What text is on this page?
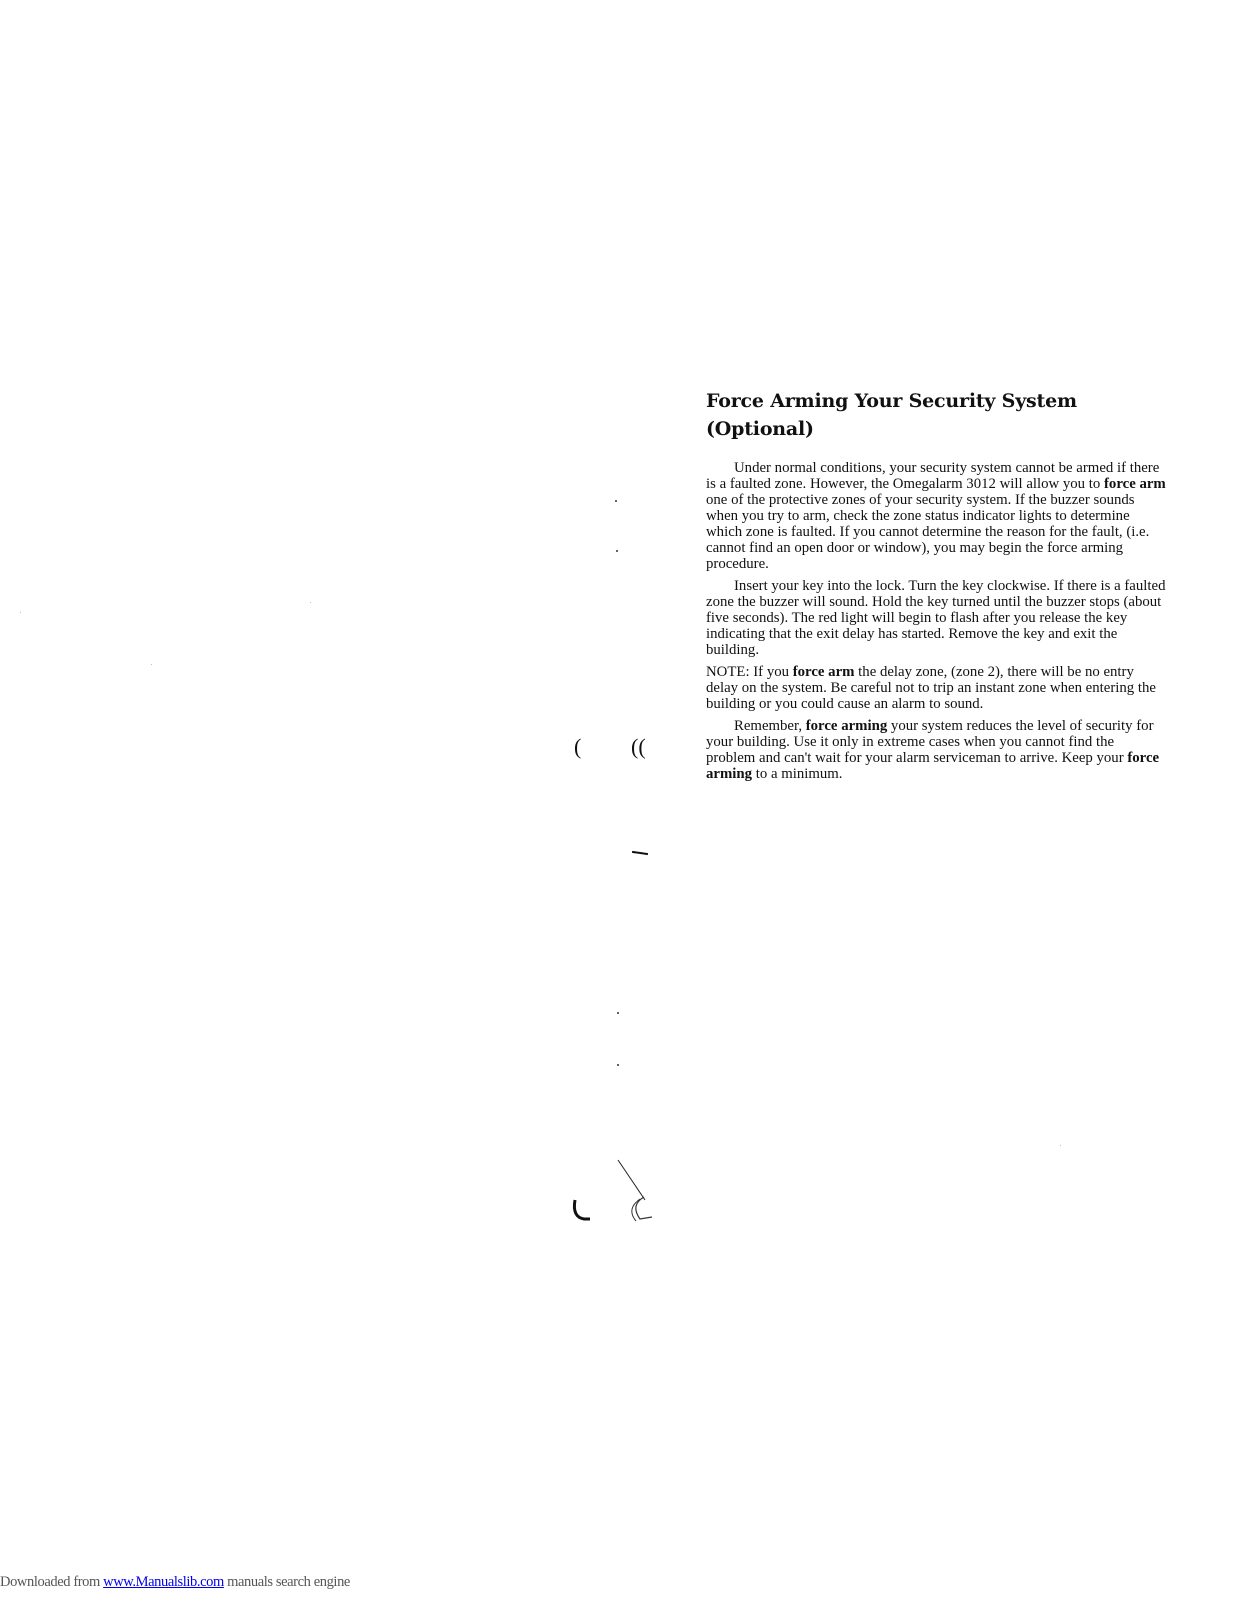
( ((
Force Arming Your Security System
(Optional)

Under normal conditions, your security system cannot be armed if there is a faulted zone. However, the Omegalarm 3012 will allow you to force arm one of the protective zones of your security system. If the buzzer sounds when you try to arm, check the zone status indicator lights to determine which zone is faulted. If you cannot determine the reason for the fault, (i.e. cannot find an open door or window), you may begin the force arming procedure.

Insert your key into the lock. Turn the key clockwise. If there is a faulted zone the buzzer will sound. Hold the key turned until the buzzer stops (about five seconds). The red light will begin to flash after you release the key indicating that the exit delay has started. Remove the key and exit the building.

NOTE: If you force arm the delay zone, (zone 2), there will be no entry delay on the system. Be careful not to trip an instant zone when entering the building or you could cause an alarm to sound.

Remember, force arming your system reduces the level of security for your building. Use it only in extreme cases when you cannot find the problem and can't wait for your alarm serviceman to arrive. Keep your force arming to a minimum.

Downloaded from www.Manualslib.com manuals search engine
